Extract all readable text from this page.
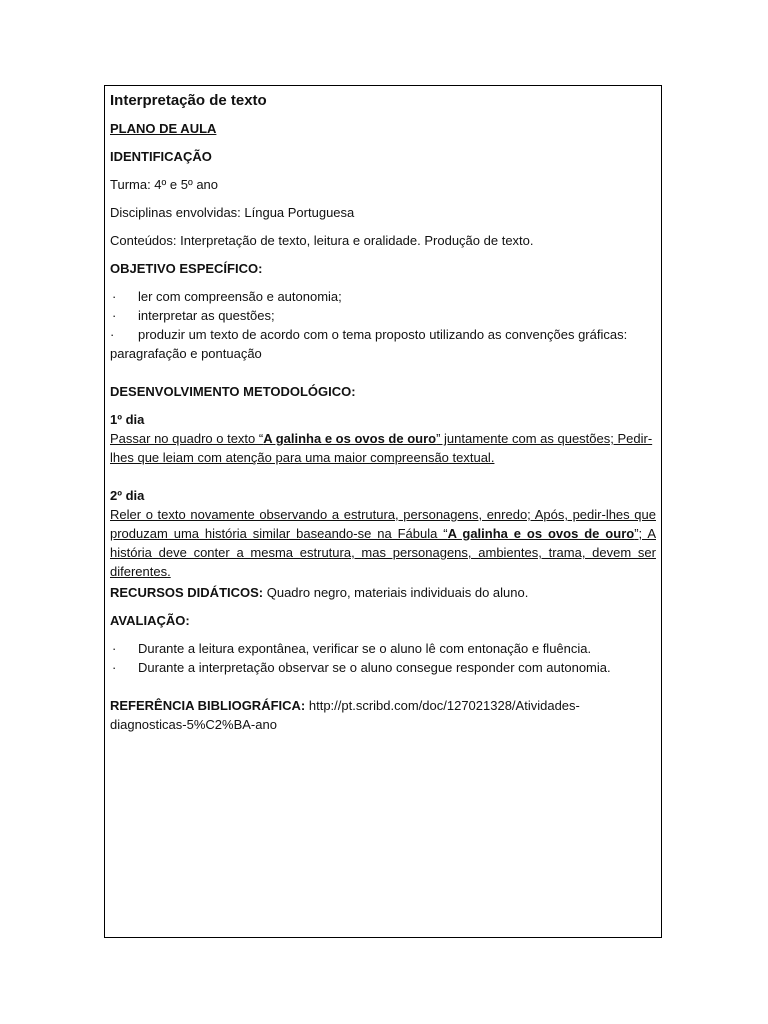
Interpretação de texto
PLANO DE AULA
IDENTIFICAÇÃO
Turma: 4º e 5º ano
Disciplinas envolvidas: Língua Portuguesa
Conteúdos: Interpretação de texto, leitura e oralidade. Produção de texto.
OBJETIVO ESPECÍFICO:
· ler com compreensão e autonomia;
· interpretar as questões;
· produzir um texto de acordo com o tema proposto utilizando as convenções gráficas: paragrafação e pontuação
DESENVOLVIMENTO METODOLÓGICO:
1º dia
Passar no quadro o texto “A galinha e os ovos de ouro” juntamente com as questões; Pedir-lhes que leiam com atenção para uma maior compreensão textual.
2º dia
Reler o texto novamente observando a estrutura, personagens, enredo; Após, pedir-lhes que produzam uma história similar baseando-se na Fábula “A galinha e os ovos de ouro”; A história deve conter a mesma estrutura, mas personagens, ambientes, trama, devem ser diferentes.
RECURSOS DIDÁTICOS: Quadro negro, materiais individuais do aluno.
AVALIAÇÃO:
· Durante a leitura expontânea, verificar se o aluno lê com entonação e fluência.
· Durante a interpretação observar se o aluno consegue responder com autonomia.
REFERÊNCIA BIBLIOGRÁFICA: http://pt.scribd.com/doc/127021328/Atividades-diagnosticas-5%C2%BA-ano
